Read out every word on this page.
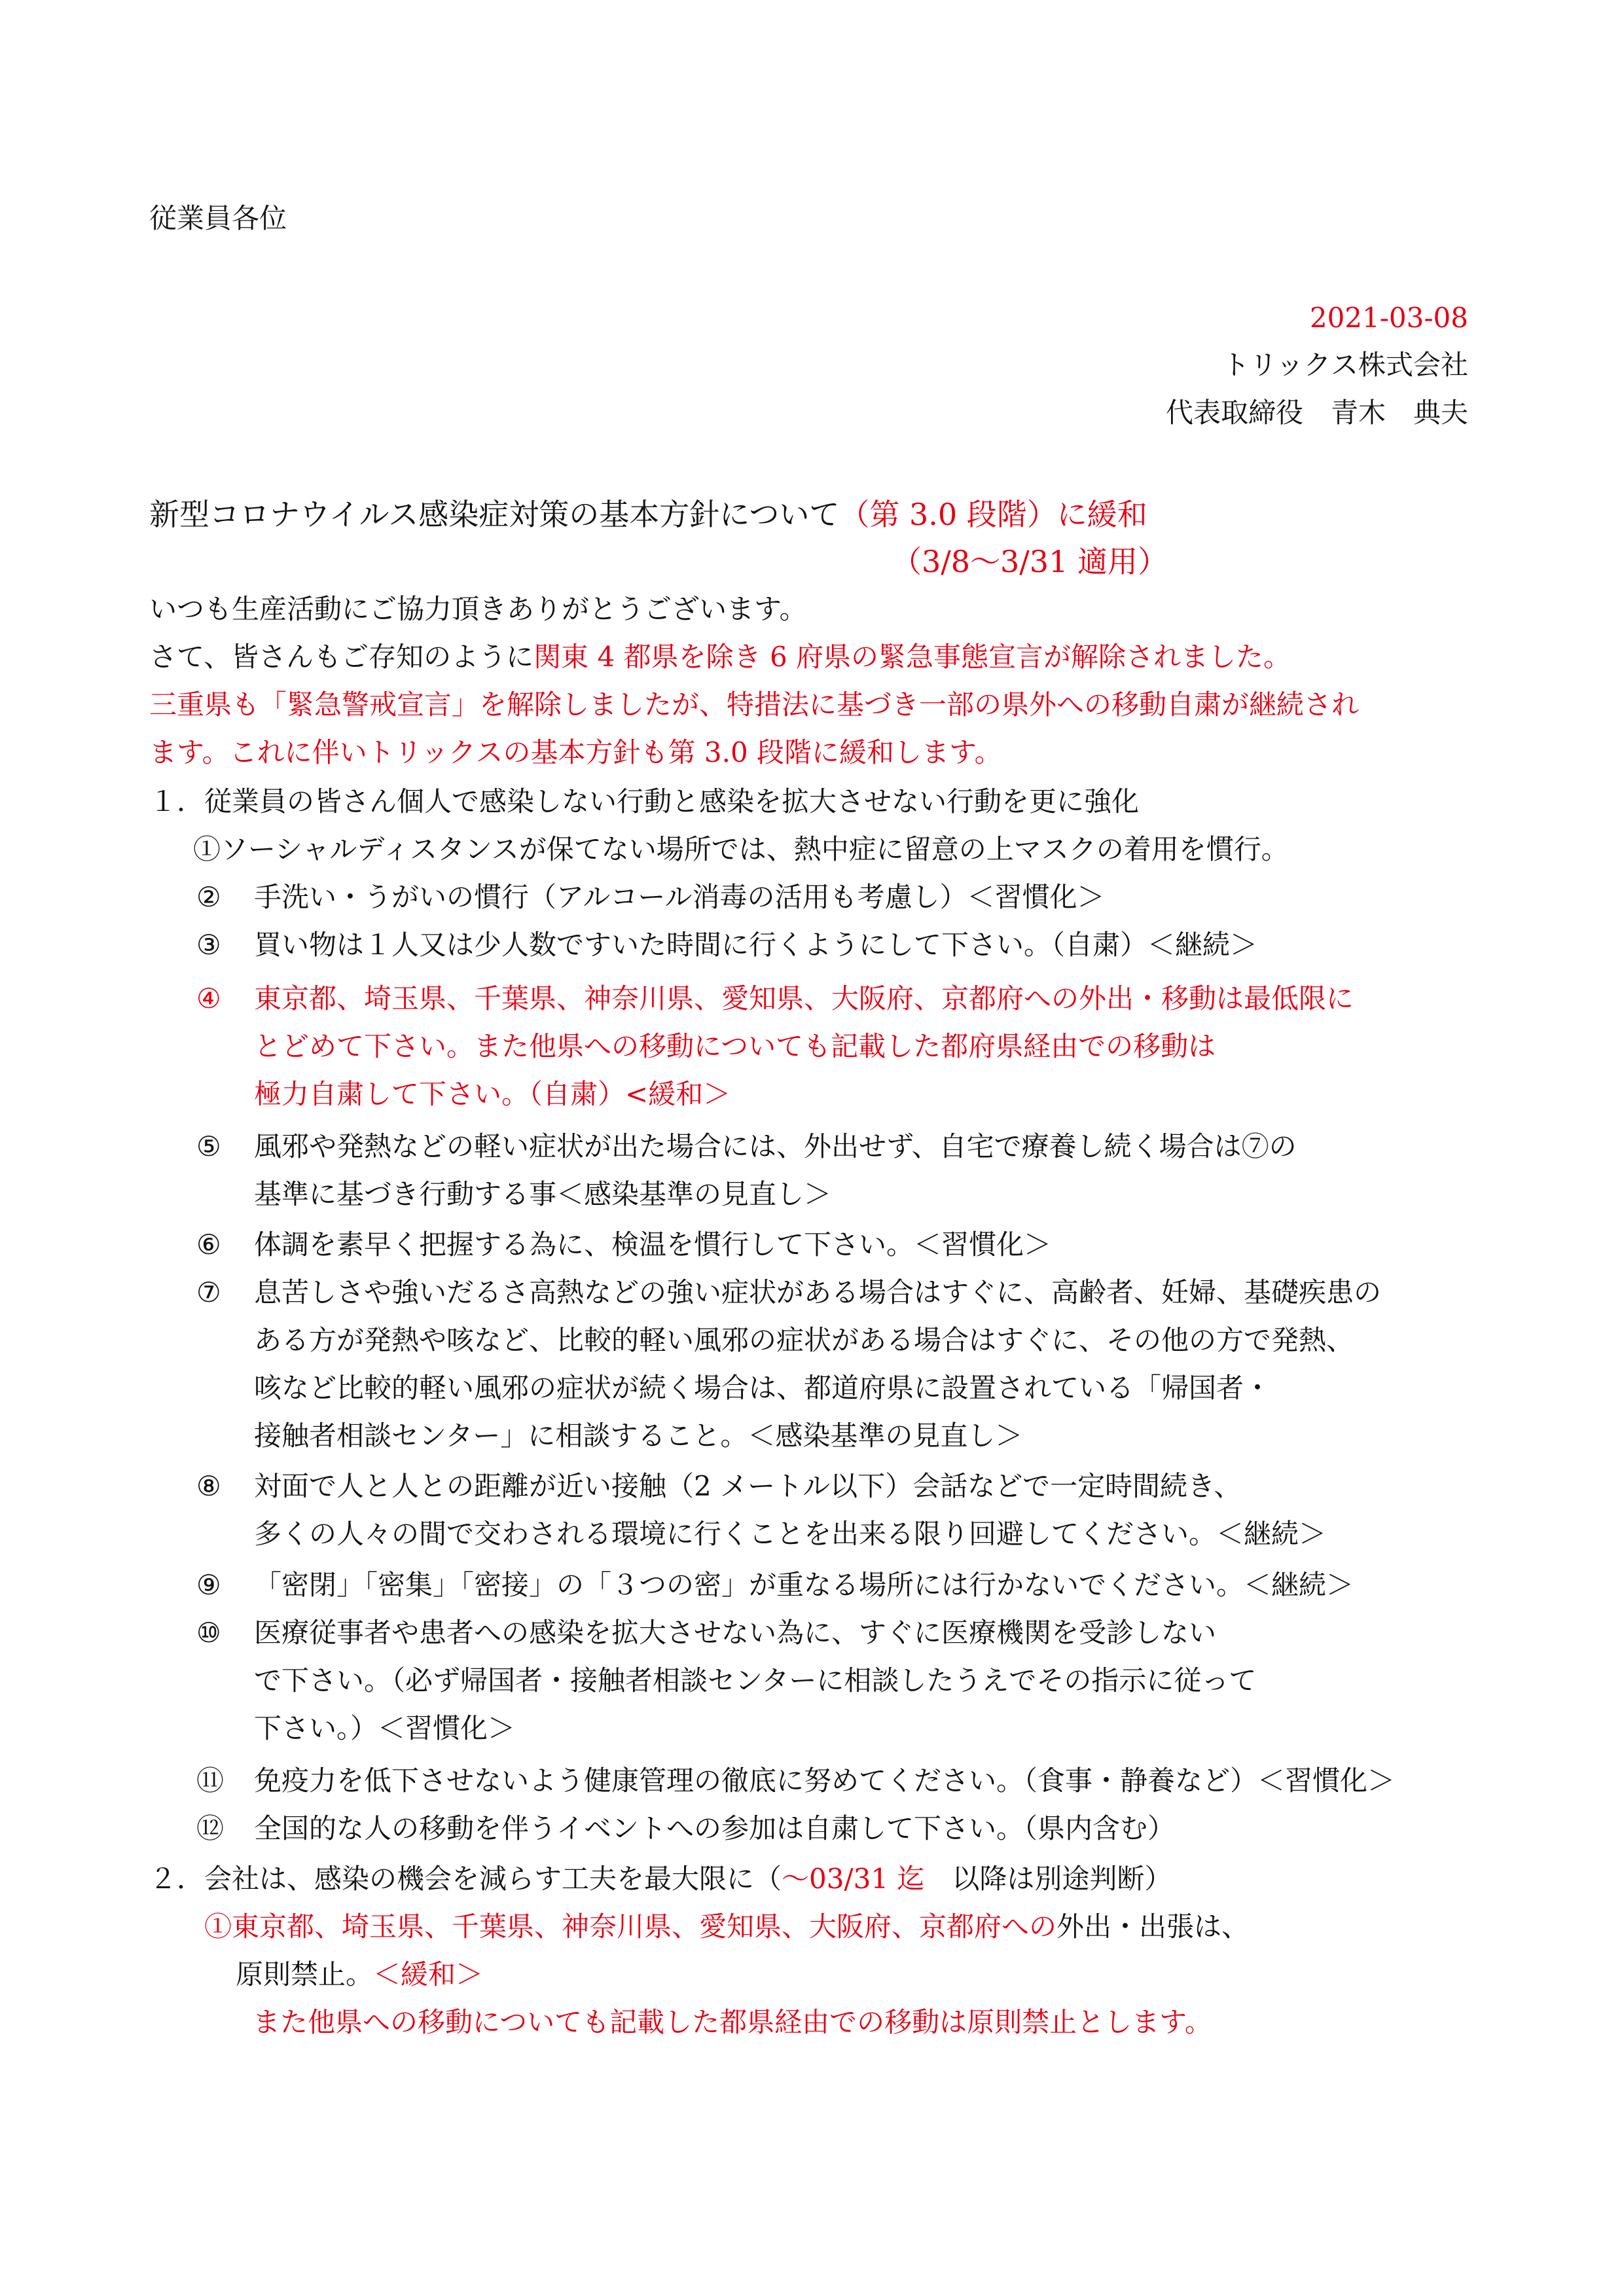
従業員各位
2021-03-08
トリックス株式会社
代表取締役　青木　典夫
新型コロナウイルス感染症対策の基本方針について（第 3.0 段階）に緩和
（3/8～3/31 適用）
いつも生産活動にご協力頂きありがとうございます。
さて、皆さんもご存知のように関東 4 都県を除き 6 府県の緊急事態宣言が解除されました。
三重県も「緊急警戒宣言」を解除しましたが、特措法に基づき一部の県外への移動自粛が継続され
ます。これに伴いトリックスの基本方針も第 3.0 段階に緩和します。
１．従業員の皆さん個人で感染しない行動と感染を拡大させない行動を更に強化
①ソーシャルディスタンスが保てない場所では、熱中症に留意の上マスクの着用を慣行。
② 手洗い・うがいの慣行（アルコール消毒の活用も考慮し）＜習慣化＞
③ 買い物は１人又は少人数ですいた時間に行くようにして下さい。（自粛）＜継続＞
④ 東京都、埼玉県、千葉県、神奈川県、愛知県、大阪府、京都府への外出・移動は最低限に
とどめて下さい。また他県への移動についても記載した都府県経由での移動は
極力自粛して下さい。（自粛）<緩和＞
⑤ 風邪や発熱などの軽い症状が出た場合には、外出せず、自宅で療養し続く場合は⑦の
基準に基づき行動する事＜感染基準の見直し＞
⑥ 体調を素早く把握する為に、検温を慣行して下さい。＜習慣化＞
⑦ 息苦しさや強いだるさ高熱などの強い症状がある場合はすぐに、高齢者、妊婦、基礎疾患の
ある方が発熱や咳など、比較的軽い風邪の症状がある場合はすぐに、その他の方で発熱、
咳など比較的軽い風邪の症状が続く場合は、都道府県に設置されている「帰国者・
接触者相談センター」に相談すること。＜感染基準の見直し＞
⑧ 対面で人と人との距離が近い接触（2 メートル以下）会話などで一定時間続き、
多くの人々の間で交わされる環境に行くことを出来る限り回避してください。＜継続＞
⑨ 「密閉」「密集」「密接」の「３つの密」が重なる場所には行かないでください。＜継続＞
⑩ 医療従事者や患者への感染を拡大させない為に、すぐに医療機関を受診しない
で下さい。（必ず帰国者・接触者相談センターに相談したうえでその指示に従って
下さい。）＜習慣化＞
⑪ 免疫力を低下させないよう健康管理の徹底に努めてください。（食事・静養など）＜習慣化＞
⑫ 全国的な人の移動を伴うイベントへの参加は自粛して下さい。（県内含む）
２．会社は、感染の機会を減らす工夫を最大限に（～03/31 迄　以降は別途判断）
①東京都、埼玉県、千葉県、神奈川県、愛知県、大阪府、京都府への外出・出張は、
原則禁止。＜緩和＞
また他県への移動についても記載した都県経由での移動は原則禁止とします。
